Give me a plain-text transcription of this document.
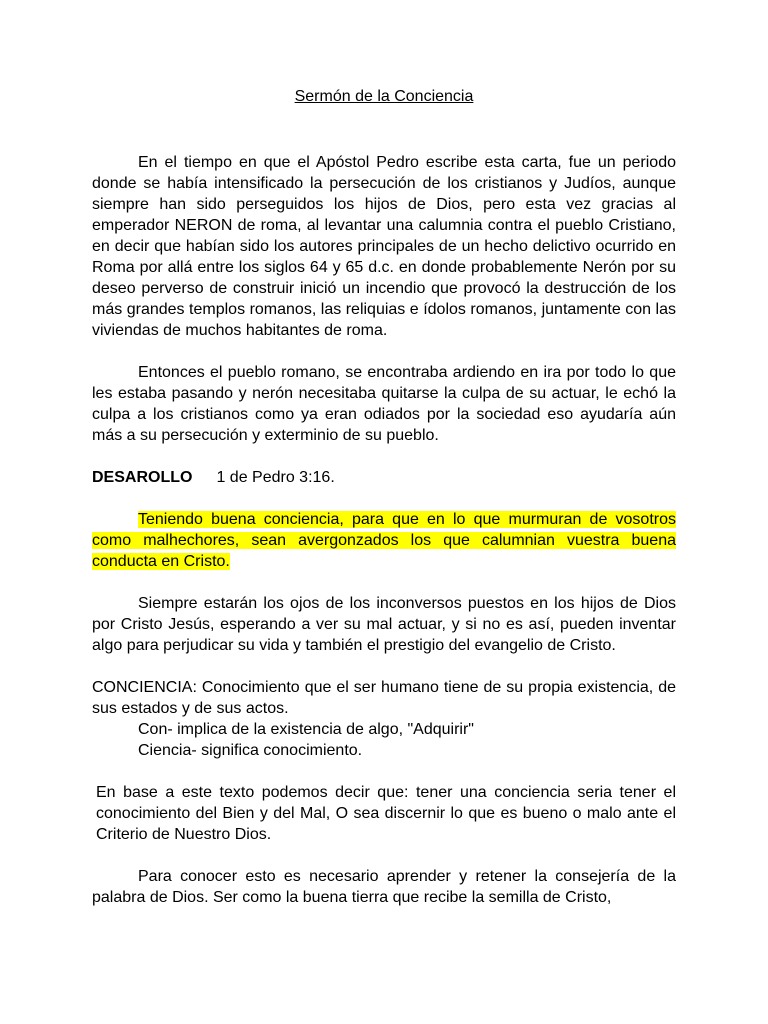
Sermón de la Conciencia

En el tiempo en que el Apóstol Pedro escribe esta carta, fue un periodo donde se había intensificado la persecución de los cristianos y Judíos, aunque siempre han sido perseguidos los hijos de Dios, pero esta vez gracias al emperador NERON de roma, al levantar una calumnia contra el pueblo Cristiano, en decir que habían sido los autores principales de un hecho delictivo ocurrido en Roma por allá entre los siglos 64 y 65 d.c. en donde probablemente Nerón por su deseo perverso de construir inició un incendio que provocó la destrucción de los más grandes templos romanos, las reliquias e ídolos romanos, juntamente con las viviendas de muchos habitantes de roma.

Entonces el pueblo romano, se encontraba ardiendo en ira por todo lo que les estaba pasando y nerón necesitaba quitarse la culpa de su actuar, le echó la culpa a los cristianos como ya eran odiados por la sociedad eso ayudaría aún más a su persecución y exterminio de su pueblo.

DESAROLLO 1 de Pedro 3:16.

Teniendo buena conciencia, para que en lo que murmuran de vosotros como malhechores, sean avergonzados los que calumnian vuestra buena conducta en Cristo.

Siempre estarán los ojos de los inconversos puestos en los hijos de Dios por Cristo Jesús, esperando a ver su mal actuar, y si no es así, pueden inventar algo para perjudicar su vida y también el prestigio del evangelio de Cristo.

CONCIENCIA: Conocimiento que el ser humano tiene de su propia existencia, de sus estados y de sus actos.

Con- implica de la existencia de algo, "Adquirir"

Ciencia- significa conocimiento.

En base a este texto podemos decir que: tener una conciencia seria tener el conocimiento del Bien y del Mal, O sea discernir lo que es bueno o malo ante el Criterio de Nuestro Dios.

Para conocer esto es necesario aprender y retener la consejería de la palabra de Dios. Ser como la buena tierra que recibe la semilla de Cristo,
